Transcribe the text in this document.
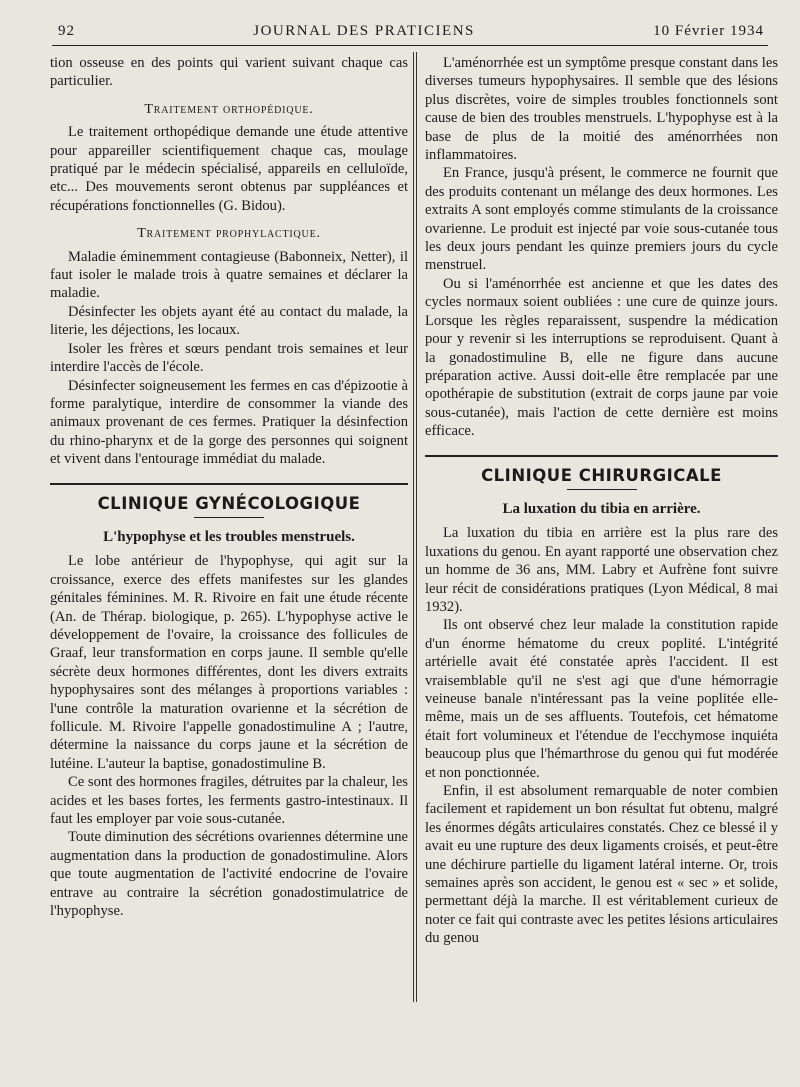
92	JOURNAL DES PRATICIENS	10 Février 1934

tion osseuse en des points qui varient suivant chaque cas particulier.

Traitement orthopédique.

Le traitement orthopédique demande une étude attentive pour appareiller scientifiquement chaque cas, moulage pratiqué par le médecin spécialisé, appareils en celluloïde, etc... Des mouvements seront obtenus par suppléances et récupérations fonctionnelles (G. Bidou).

Traitement prophylactique.

Maladie éminemment contagieuse (Babonneix, Netter), il faut isoler le malade trois à quatre semaines et déclarer la maladie.

Désinfecter les objets ayant été au contact du malade, la literie, les déjections, les locaux.

Isoler les frères et sœurs pendant trois semaines et leur interdire l'accès de l'école.

Désinfecter soigneusement les fermes en cas d'épizootie à forme paralytique, interdire de consommer la viande des animaux provenant de ces fermes. Pratiquer la désinfection du rhino-pharynx et de la gorge des personnes qui soignent et vivent dans l'entourage immédiat du malade.

CLINIQUE GYNÉCOLOGIQUE
L'hypophyse et les troubles menstruels.

Le lobe antérieur de l'hypophyse, qui agit sur la croissance, exerce des effets manifestes sur les glandes génitales féminines. M. R. Rivoire en fait une étude récente (An. de Thérap. biologique, p. 265). L'hypophyse active le développement de l'ovaire, la croissance des follicules de Graaf, leur transformation en corps jaune. Il semble qu'elle sécrète deux hormones différentes, dont les divers extraits hypophysaires sont des mélanges à proportions variables : l'une contrôle la maturation ovarienne et la sécrétion de follicule. M. Rivoire l'appelle gonadostimuline A ; l'autre, détermine la naissance du corps jaune et la sécrétion de lutéine. L'auteur la baptise, gonadostimuline B.

Ce sont des hormones fragiles, détruites par la chaleur, les acides et les bases fortes, les ferments gastro-intestinaux. Il faut les employer par voie sous-cutanée.

Toute diminution des sécrétions ovariennes détermine une augmentation dans la production de gonadostimuline. Alors que toute augmentation de l'activité endocrine de l'ovaire entrave au contraire la sécrétion gonadostimulatrice de l'hypophyse.

L'aménorrhée est un symptôme presque constant dans les diverses tumeurs hypophysaires. Il semble que des lésions plus discrètes, voire de simples troubles fonctionnels sont cause de bien des troubles menstruels. L'hypophyse est à la base de plus de la moitié des aménorrhées non inflammatoires.

En France, jusqu'à présent, le commerce ne fournit que des produits contenant un mélange des deux hormones. Les extraits A sont employés comme stimulants de la croissance ovarienne. Le produit est injecté par voie sous-cutanée tous les deux jours pendant les quinze premiers jours du cycle menstruel.

Ou si l'aménorrhée est ancienne et que les dates des cycles normaux soient oubliées : une cure de quinze jours. Lorsque les règles reparaissent, suspendre la médication pour y revenir si les interruptions se reproduisent. Quant à la gonadostimuline B, elle ne figure dans aucune préparation active. Aussi doit-elle être remplacée par une opothérapie de substitution (extrait de corps jaune par voie sous-cutanée), mais l'action de cette dernière est moins efficace.

CLINIQUE CHIRURGICALE
La luxation du tibia en arrière.

La luxation du tibia en arrière est la plus rare des luxations du genou. En ayant rapporté une observation chez un homme de 36 ans, MM. Labry et Aufrène font suivre leur récit de considérations pratiques (Lyon Médical, 8 mai 1932).

Ils ont observé chez leur malade la constitution rapide d'un énorme hématome du creux poplité. L'intégrité artérielle avait été constatée après l'accident. Il est vraisemblable qu'il ne s'est agi que d'une hémorragie veineuse banale n'intéressant pas la veine poplitée elle-même, mais un de ses affluents. Toutefois, cet hématome était fort volumineux et l'étendue de l'ecchymose inquiéta beaucoup plus que l'hémarthrose du genou qui fut modérée et non ponctionnée.

Enfin, il est absolument remarquable de noter combien facilement et rapidement un bon résultat fut obtenu, malgré les énormes dégâts articulaires constatés. Chez ce blessé il y avait eu une rupture des deux ligaments croisés, et peut-être une déchirure partielle du ligament latéral interne. Or, trois semaines après son accident, le genou est « sec » et solide, permettant déjà la marche. Il est véritablement curieux de noter ce fait qui contraste avec les petites lésions articulaires du genou
